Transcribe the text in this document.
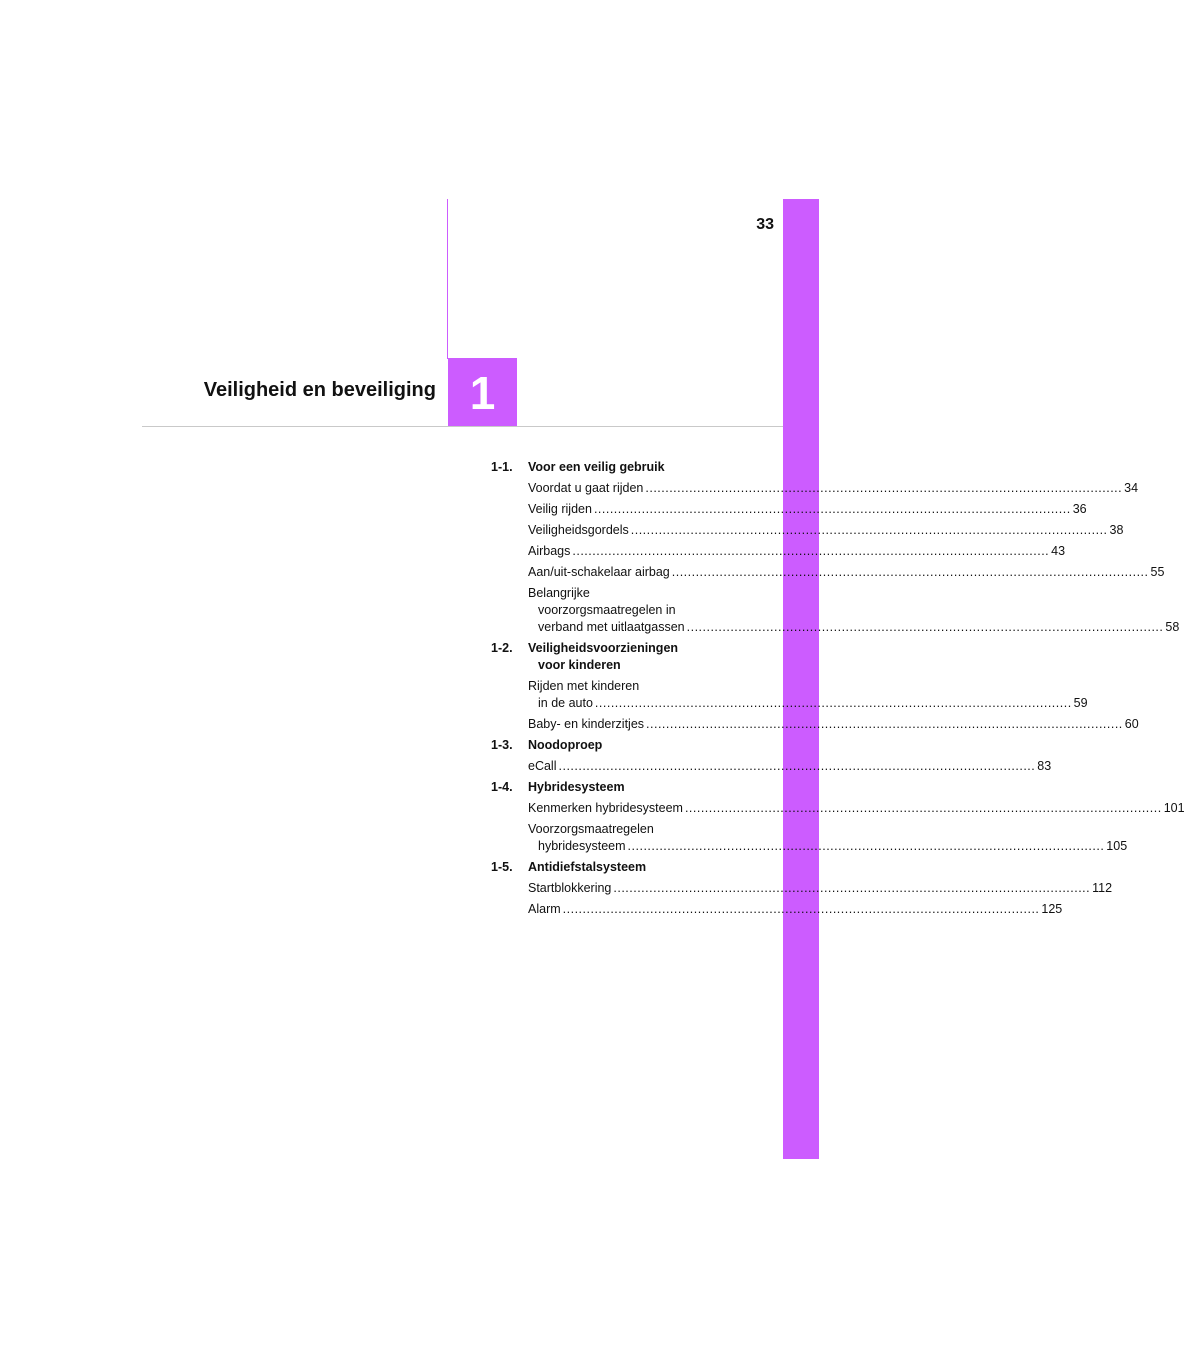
33
1
Veiligheid en beveiliging
1-1. Voor een veilig gebruik
Voordat u gaat rijden ........................................................................................................................ 34
Veilig rijden ........................................................................................................................ 36
Veiligheidsgordels ........................................................................................................................ 38
Airbags ........................................................................................................................ 43
Aan/uit-schakelaar airbag ........................................................................................................................ 55
Belangrijke
voorzorgsmaatregelen in
verband met uitlaatgassen ........................................................................................................................ 58
1-2. Veiligheidsvoorzieningen
voor kinderen
Rijden met kinderen
in de auto ........................................................................................................................ 59
Baby- en kinderzitjes ........................................................................................................................ 60
1-3. Noodoproep
eCall ........................................................................................................................ 83
1-4. Hybridesysteem
Kenmerken hybridesysteem ........................................................................................................................ 101
Voorzorgsmaatregelen
hybridesysteem ........................................................................................................................ 105
1-5. Antidiefstalsysteem
Startblokkering ........................................................................................................................ 112
Alarm ........................................................................................................................ 125
